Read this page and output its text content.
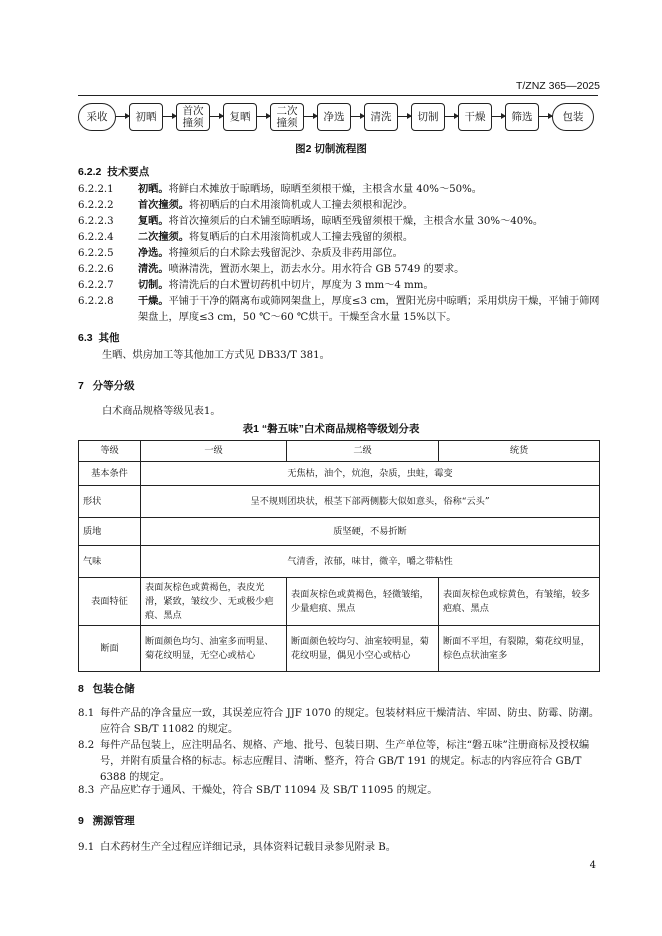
T/ZNZ 365—2025
采收	初晒	首次
撞须	复晒	二次
撞须	净选	清洗	切制	干燥	筛选	包装
图2 切制流程图
6.2.2 技术要点
6.2.2.1	初晒。将鲜白术摊放于晾晒场，晾晒至须根干燥，主根含水量 40%～50%。
6.2.2.2	首次撞须。将初晒后的白术用滚筒机或人工撞去须根和泥沙。
6.2.2.3	复晒。将首次撞须后的白术铺至晾晒场，晾晒至残留须根干燥，主根含水量 30%～40%。
6.2.2.4	二次撞须。将复晒后的白术用滚筒机或人工撞去残留的须根。
6.2.2.5	净选。将撞须后的白术除去残留泥沙、杂质及非药用部位。
6.2.2.6	清洗。喷淋清洗，置沥水架上，沥去水分。用水符合 GB 5749 的要求。
6.2.2.7	切制。将清洗后的白术置切药机中切片，厚度为 3 mm～4 mm。
6.2.2.8	干燥。平铺于干净的隔离布或筛网架盘上，厚度≤3 cm，置阳光房中晾晒；采用烘房干燥，平铺于筛网架盘上，厚度≤3 cm，50 ℃～60 ℃烘干。干燥至含水量 15%以下。
6.3 其他
生晒、烘房加工等其他加工方式见 DB33/T 381。
7 分等分级
白术商品规格等级见表1。
表1 “磐五味”白术商品规格等级划分表
等级	一级	二级	统货
基本条件	无焦枯，油个，炕泡，杂质，虫蛀，霉变		
形状	呈不规则团块状，根茎下部两侧膨大似如意头，俗称“云头”		
质地	质坚硬，不易折断		
气味	气清香，浓郁，味甘，微辛，嚼之带粘性		
表面特征	表面灰棕色或黄褐色，表皮光滑，紧致，皱纹少、无或极少疤痕、黑点	表面灰棕色或黄褐色，轻微皱缩，少量疤痕、黑点	表面灰棕色或棕黄色，有皱缩，较多疤痕、黑点
断面	断面颜色均匀、油室多而明显、菊花纹明显，无空心或枯心	断面颜色较均匀、油室较明显，菊花纹明显，偶见小空心或枯心	断面不平坦，有裂隙，菊花纹明显，棕色点状油室多
8 包装仓储
8.1 每件产品的净含量应一致，其误差应符合 JJF 1070 的规定。包装材料应干燥清洁、牢固、防虫、防霉、防潮。应符合 SB/T 11082 的规定。
8.2 每件产品包装上，应注明品名、规格、产地、批号、包装日期、生产单位等，标注“磐五味”注册商标及授权编号，并附有质量合格的标志。标志应醒目、清晰、整齐，符合 GB/T 191 的规定。标志的内容应符合 GB/T 6388 的规定。
8.3 产品应贮存于通风、干燥处，符合 SB/T 11094 及 SB/T 11095 的规定。
9 溯源管理
9.1 白术药材生产全过程应详细记录，具体资料记载目录参见附录 B。
4
